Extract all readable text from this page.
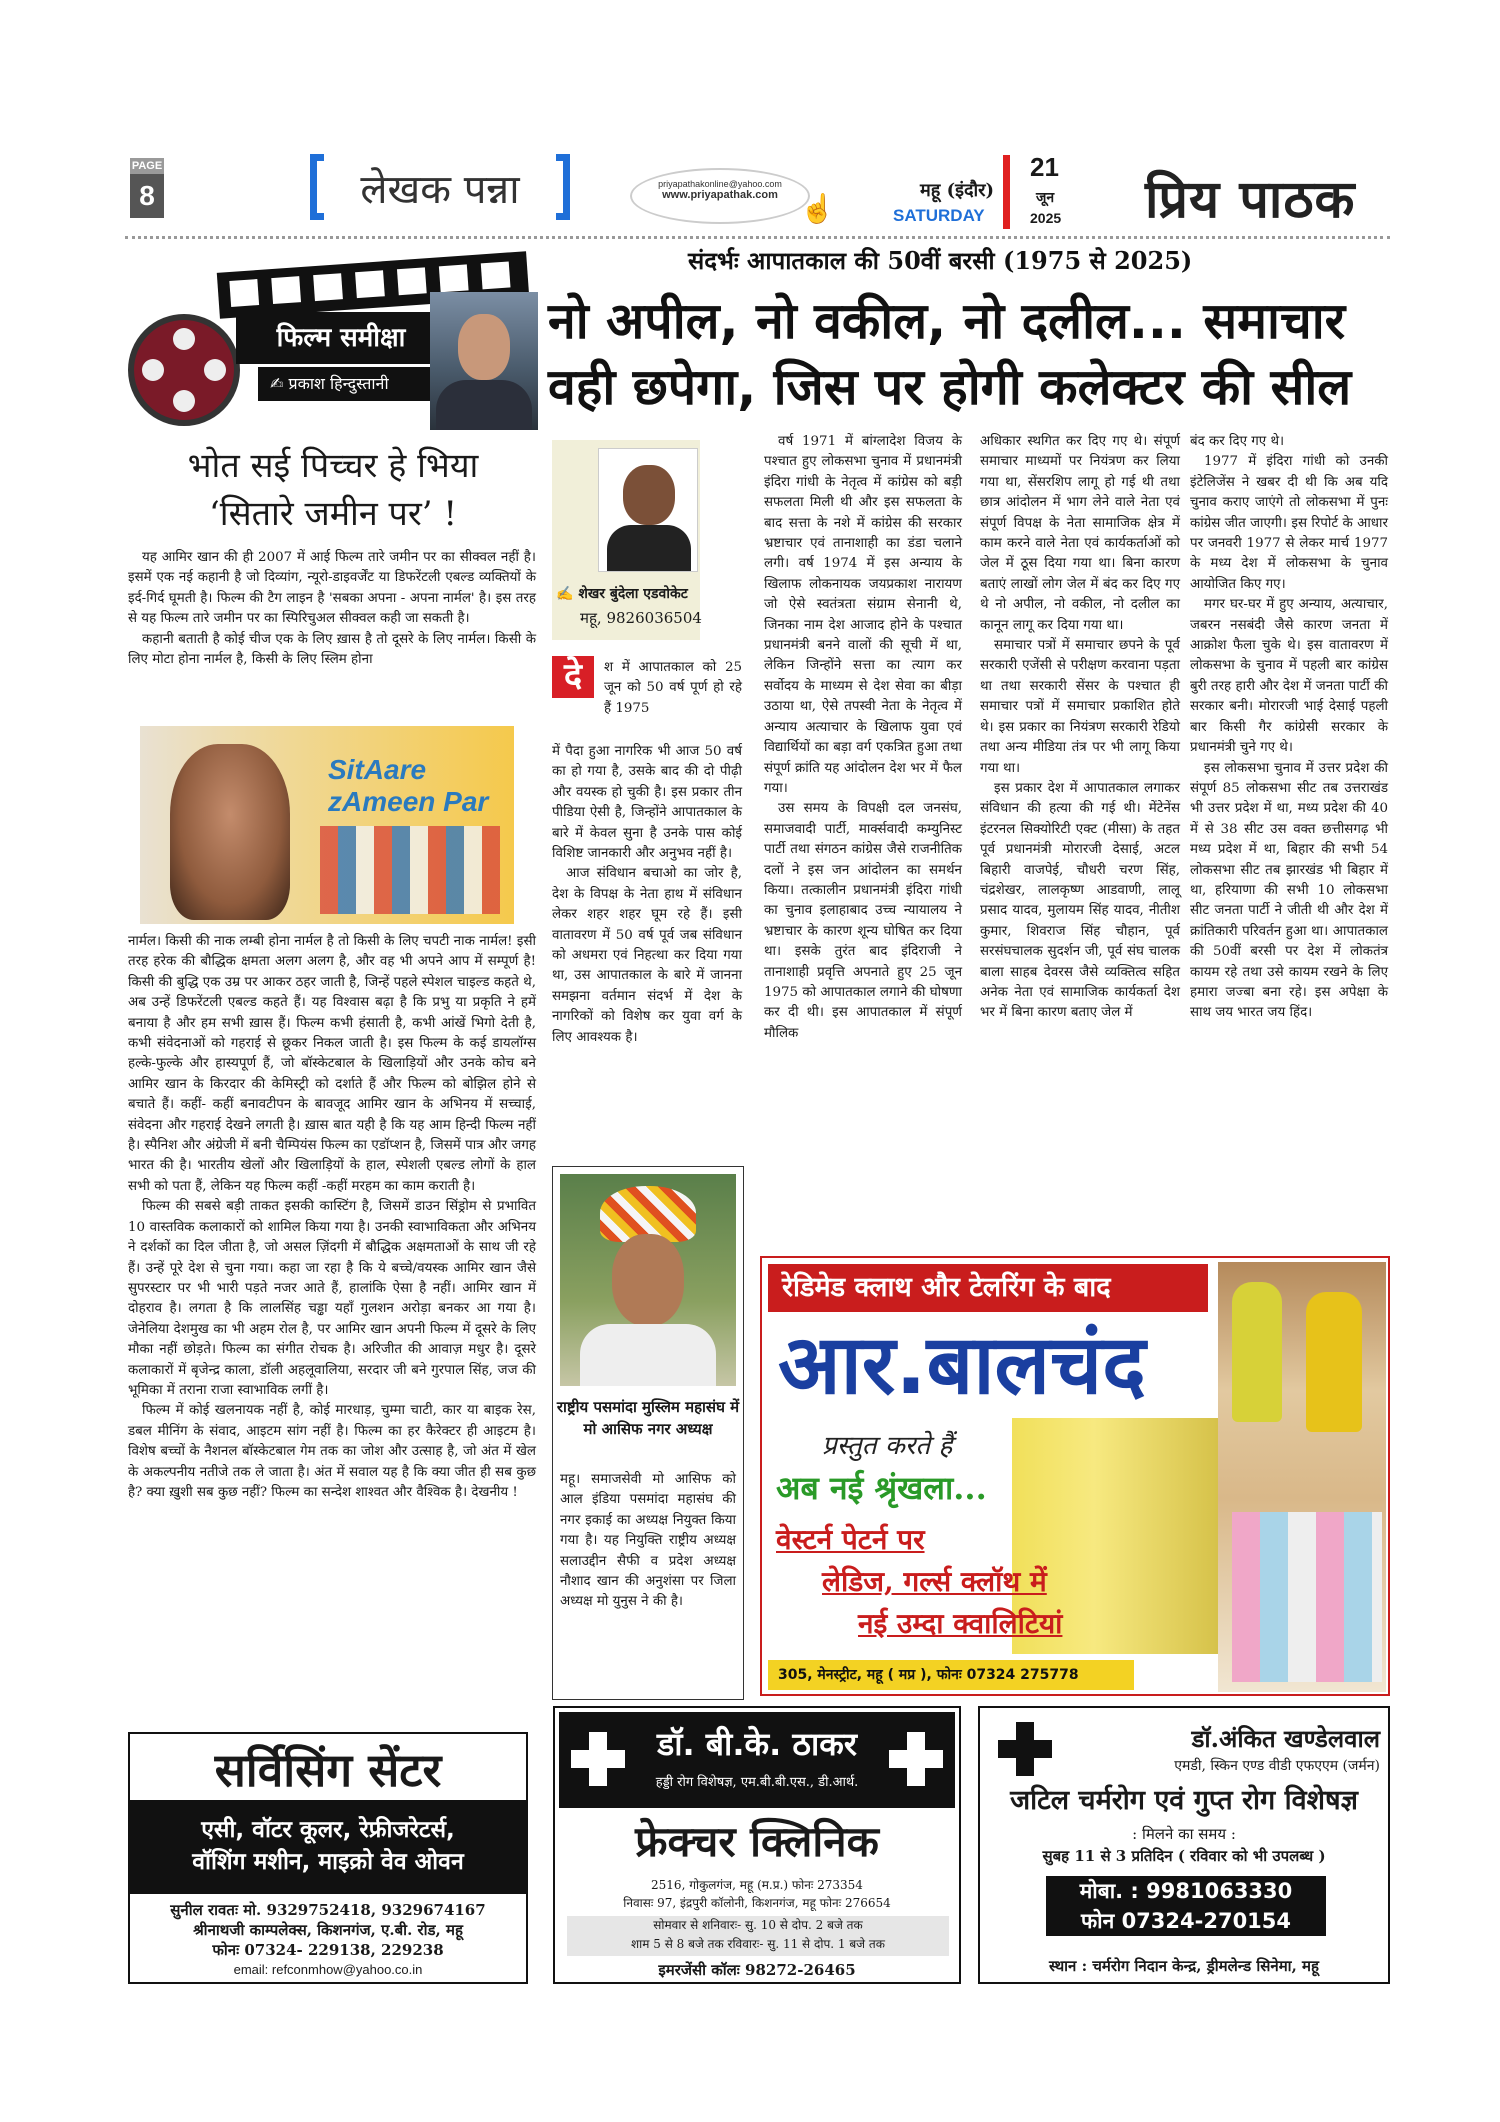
PAGE
8	लेखक पन्ना	priyapathakonline@yahoo.com
www.priyapathak.com ☝
महू (इंदौर)
SATURDAY
21
जून
2025 प्रिय पाठक
संदर्भः आपातकाल की 50वीं बरसी (1975 से 2025)
नो अपील, नो वकील, नो दलील... समाचार
वही छपेगा, जिस पर होगी कलेक्टर की सील
फिल्म समीक्षा
✍ प्रकाश हिन्दुस्तानी
भोत सई पिच्चर हे भिया
‘सितारे जमीन पर’ !

यह आमिर खान की ही 2007 में आई फिल्म तारे जमीन पर का सीक्वल नहीं है। इसमें एक नई कहानी है जो दिव्यांग, न्यूरो-डाइवर्जेंट या डिफरेंटली एबल्ड व्यक्तियों के इर्द-गिर्द घूमती है। फिल्म की टैग लाइन है 'सबका अपना - अपना नार्मल' है। इस तरह से यह फिल्म तारे जमीन पर का स्पिरिचुअल सीक्वल कही जा सकती है।

कहानी बताती है कोई चीज एक के लिए ख़ास है तो दूसरे के लिए नार्मल। किसी के लिए मोटा होना नार्मल है, किसी के लिए स्लिम होना

SitAare zAmeen Par

नार्मल। किसी की नाक लम्बी होना नार्मल है तो किसी के लिए चपटी नाक नार्मल! इसी तरह हरेक की बौद्धिक क्षमता अलग अलग है, और वह भी अपने आप में सम्पूर्ण है! किसी की बुद्धि एक उम्र पर आकर ठहर जाती है, जिन्हें पहले स्पेशल चाइल्ड कहते थे, अब उन्हें डिफरेंटली एबल्ड कहते हैं। यह विश्वास बढ़ा है कि प्रभु या प्रकृति ने हमें बनाया है और हम सभी ख़ास हैं। फिल्म कभी हंसाती है, कभी आंखें भिगो देती है, कभी संवेदनाओं को गहराई से छूकर निकल जाती है। इस फिल्म के कई डायलॉग्स हल्के-फुल्के और हास्यपूर्ण हैं, जो बॉस्केटबाल के खिलाड़ियों और उनके कोच बने आमिर खान के किरदार की केमिस्ट्री को दर्शाते हैं और फिल्म को बोझिल होने से बचाते हैं। कहीं- कहीं बनावटीपन के बावजूद आमिर खान के अभिनय में सच्चाई, संवेदना और गहराई देखने लगती है। ख़ास बात यही है कि यह आम हिन्दी फिल्म नहीं है। स्पैनिश और अंग्रेजी में बनी चैम्पियंस फिल्म का एडॉप्शन है, जिसमें पात्र और जगह भारत की है। भारतीय खेलों और खिलाड़ियों के हाल, स्पेशली एबल्ड लोगों के हाल सभी को पता हैं, लेकिन यह फिल्म कहीं -कहीं मरहम का काम कराती है।

फिल्म की सबसे बड़ी ताकत इसकी कास्टिंग है, जिसमें डाउन सिंड्रोम से प्रभावित 10 वास्तविक कलाकारों को शामिल किया गया है। उनकी स्वाभाविकता और अभिनय ने दर्शकों का दिल जीता है, जो असल ज़िंदगी में बौद्धिक अक्षमताओं के साथ जी रहे हैं। उन्हें पूरे देश से चुना गया। कहा जा रहा है कि ये बच्चे/वयस्क आमिर खान जैसे सुपरस्टार पर भी भारी पड़ते नजर आते हैं, हालांकि ऐसा है नहीं। आमिर खान में दोहराव है। लगता है कि लालसिंह चड्ढा यहाँ गुलशन अरोड़ा बनकर आ गया है। जेनेलिया देशमुख का भी अहम रोल है, पर आमिर खान अपनी फिल्म में दूसरे के लिए मौका नहीं छोड़ते। फिल्म का संगीत रोचक है। अरिजीत की आवाज़ मधुर है। दूसरे कलाकारों में बृजेन्द्र काला, डॉली अहलूवालिया, सरदार जी बने गुरपाल सिंह, जज की भूमिका में तराना राजा स्वाभाविक लगीं है।

फिल्म में कोई खलनायक नहीं है, कोई मारधाड़, चुम्मा चाटी, कार या बाइक रेस, डबल मीनिंग के संवाद, आइटम सांग नहीं है। फिल्म का हर कैरेक्टर ही आइटम है। विशेष बच्चों के नैशनल बॉस्केटबाल गेम तक का जोश और उत्साह है, जो अंत में खेल के अकल्पनीय नतीजे तक ले जाता है। अंत में सवाल यह है कि क्या जीत ही सब कुछ है? क्या ख़ुशी सब कुछ नहीं? फिल्म का सन्देश शाश्वत और वैश्विक है। देखनीय !

✍ शेखर बुंदेला एडवोकेट
महू, 9826036504
दे	श में आपातकाल को 25 जून को 50 वर्ष पूर्ण हो रहे हैं 1975

में पैदा हुआ नागरिक भी आज 50 वर्ष का हो गया है, उसके बाद की दो पीढ़ी और वयस्क हो चुकी है। इस प्रकार तीन पीडिया ऐसी है, जिन्होंने आपातकाल के बारे में केवल सुना है उनके पास कोई विशिष्ट जानकारी और अनुभव नहीं है।

आज संविधान बचाओ का जोर है, देश के विपक्ष के नेता हाथ में संविधान लेकर शहर शहर घूम रहे हैं। इसी वातावरण में 50 वर्ष पूर्व जब संविधान को अधमरा एवं निहत्था कर दिया गया था, उस आपातकाल के बारे में जानना समझना वर्तमान संदर्भ में देश के नागरिकों को विशेष कर युवा वर्ग के लिए आवश्यक है।

वर्ष 1971 में बांग्लादेश विजय के पश्चात हुए लोकसभा चुनाव में प्रधानमंत्री इंदिरा गांधी के नेतृत्व में कांग्रेस को बड़ी सफलता मिली थी और इस सफलता के बाद सत्ता के नशे में कांग्रेस की सरकार भ्रष्टाचार एवं तानाशाही का डंडा चलाने लगी। वर्ष 1974 में इस अन्याय के खिलाफ लोकनायक जयप्रकाश नारायण जो ऐसे स्वतंत्रता संग्राम सेनानी थे, जिनका नाम देश आजाद होने के पश्चात प्रधानमंत्री बनने वालों की सूची में था, लेकिन जिन्होंने सत्ता का त्याग कर सर्वोदय के माध्यम से देश सेवा का बीड़ा उठाया था, ऐसे तपस्वी नेता के नेतृत्व में अन्याय अत्याचार के खिलाफ युवा एवं विद्यार्थियों का बड़ा वर्ग एकत्रित हुआ तथा संपूर्ण क्रांति यह आंदोलन देश भर में फैल गया।

उस समय के विपक्षी दल जनसंघ, समाजवादी पार्टी, मार्क्सवादी कम्युनिस्ट पार्टी तथा संगठन कांग्रेस जैसे राजनीतिक दलों ने इस जन आंदोलन का समर्थन किया। तत्कालीन प्रधानमंत्री इंदिरा गांधी का चुनाव इलाहाबाद उच्च न्यायालय ने भ्रष्टाचार के कारण शून्य घोषित कर दिया था। इसके तुरंत बाद इंदिराजी ने तानाशाही प्रवृत्ति अपनाते हुए 25 जून 1975 को आपातकाल लगाने की घोषणा कर दी थी। इस आपातकाल में संपूर्ण मौलिक

अधिकार स्थगित कर दिए गए थे। संपूर्ण समाचार माध्यमों पर नियंत्रण कर लिया गया था, सेंसरशिप लागू हो गई थी तथा छात्र आंदोलन में भाग लेने वाले नेता एवं संपूर्ण विपक्ष के नेता सामाजिक क्षेत्र में काम करने वाले नेता एवं कार्यकर्ताओं को जेल में ठूस दिया गया था। बिना कारण बताएं लाखों लोग जेल में बंद कर दिए गए थे नो अपील, नो वकील, नो दलील का कानून लागू कर दिया गया था।

समाचार पत्रों में समाचार छपने के पूर्व सरकारी एजेंसी से परीक्षण करवाना पड़ता था तथा सरकारी सेंसर के पश्चात ही समाचार पत्रों में समाचार प्रकाशित होते थे। इस प्रकार का नियंत्रण सरकारी रेडियो तथा अन्य मीडिया तंत्र पर भी लागू किया गया था।

इस प्रकार देश में आपातकाल लगाकर संविधान की हत्या की गई थी। मेंटेनेंस इंटरनल सिक्योरिटी एक्ट (मीसा) के तहत पूर्व प्रधानमंत्री मोरारजी देसाई, अटल बिहारी वाजपेई, चौधरी चरण सिंह, चंद्रशेखर, लालकृष्ण आडवाणी, लालू प्रसाद यादव, मुलायम सिंह यादव, नीतीश कुमार, शिवराज सिंह चौहान, पूर्व सरसंघचालक सुदर्शन जी, पूर्व संघ चालक बाला साहब देवरस जैसे व्यक्तित्व सहित अनेक नेता एवं सामाजिक कार्यकर्ता देश भर में बिना कारण बताए जेल में

बंद कर दिए गए थे।

1977 में इंदिरा गांधी को उनकी इंटेलिजेंस ने खबर दी थी कि अब यदि चुनाव कराए जाएंगे तो लोकसभा में पुनः कांग्रेस जीत जाएगी। इस रिपोर्ट के आधार पर जनवरी 1977 से लेकर मार्च 1977 के मध्य देश में लोकसभा के चुनाव आयोजित किए गए।

मगर घर-घर में हुए अन्याय, अत्याचार, जबरन नसबंदी जैसे कारण जनता में आक्रोश फैला चुके थे। इस वातावरण में लोकसभा के चुनाव में पहली बार कांग्रेस बुरी तरह हारी और देश में जनता पार्टी की सरकार बनी। मोरारजी भाई देसाई पहली बार किसी गैर कांग्रेसी सरकार के प्रधानमंत्री चुने गए थे।

इस लोकसभा चुनाव में उत्तर प्रदेश की संपूर्ण 85 लोकसभा सीट तब उत्तराखंड भी उत्तर प्रदेश में था, मध्य प्रदेश की 40 में से 38 सीट उस वक्त छत्तीसगढ़ भी मध्य प्रदेश में था, बिहार की सभी 54 लोकसभा सीट तब झारखंड भी बिहार में था, हरियाणा की सभी 10 लोकसभा सीट जनता पार्टी ने जीती थी और देश में क्रांतिकारी परिवर्तन हुआ था। आपातकाल की 50वीं बरसी पर देश में लोकतंत्र कायम रहे तथा उसे कायम रखने के लिए हमारा जज्बा बना रहे। इस अपेक्षा के साथ जय भारत जय हिंद।

राष्ट्रीय पसमांदा मुस्लिम महासंघ में मो आसिफ नगर अध्यक्ष

महू। समाजसेवी मो आसिफ को आल इंडिया पसमांदा महासंघ की नगर इकाई का अध्यक्ष नियुक्त किया गया है। यह नियुक्ति राष्ट्रीय अध्यक्ष सलाउद्दीन सैफी व प्रदेश अध्यक्ष नौशाद खान की अनुशंसा पर जिला अध्यक्ष मो युनुस ने की है।

रेडिमेड क्लाथ और टेलरिंग के बाद
आर.बालचंद
प्रस्तुत करते हैं
अब नई श्रृंखला...
वेस्टर्न पेटर्न पर
लेडिज, गर्ल्स क्लॉथ में
नई उम्दा क्वालिटियां
305, मेनस्ट्रीट, महू ( मप्र ), फोनः 07324 275778
सर्विसिंग सेंटर
एसी, वॉटर कूलर, रेफ्रीजरेटर्स,
वॉशिंग मशीन, माइक्रो वेव ओवन
सुनील रावतः मो. 9329752418, 9329674167
श्रीनाथजी काम्पलेक्स, किशनगंज, ए.बी. रोड, महू
फोनः 07324- 229138, 229238
email: refconmhow@yahoo.co.in
डॉ. बी.के. ठाकर
हड्डी रोग विशेषज्ञ, एम.बी.बी.एस., डी.आर्थ.
फ्रेक्चर क्लिनिक
2516, गोकुलगंज, महू (म.प्र.) फोनः 273354
निवासः 97, इंद्रपुरी कॉलोनी, किशनगंज, महू फोनः 276654
सोमवार से शनिवारः- सु. 10 से दोप. 2 बजे तक
शाम 5 से 8 बजे तक रविवारः- सु. 11 से दोप. 1 बजे तक
इमरजेंसी कॉलः 98272-26465
डॉ.अंकित खण्डेलवाल
एमडी, स्किन एण्ड वीडी एफएएम (जर्मन)
जटिल चर्मरोग एवं गुप्त रोग विशेषज्ञ
: मिलने का समय :
सुबह 11 से 3 प्रतिदिन ( रविवार को भी उपलब्ध )
मोबा. : 9981063330
फोन 07324-270154
स्थान : चर्मरोग निदान केन्द्र, ड्रीमलेन्ड सिनेमा, महू
